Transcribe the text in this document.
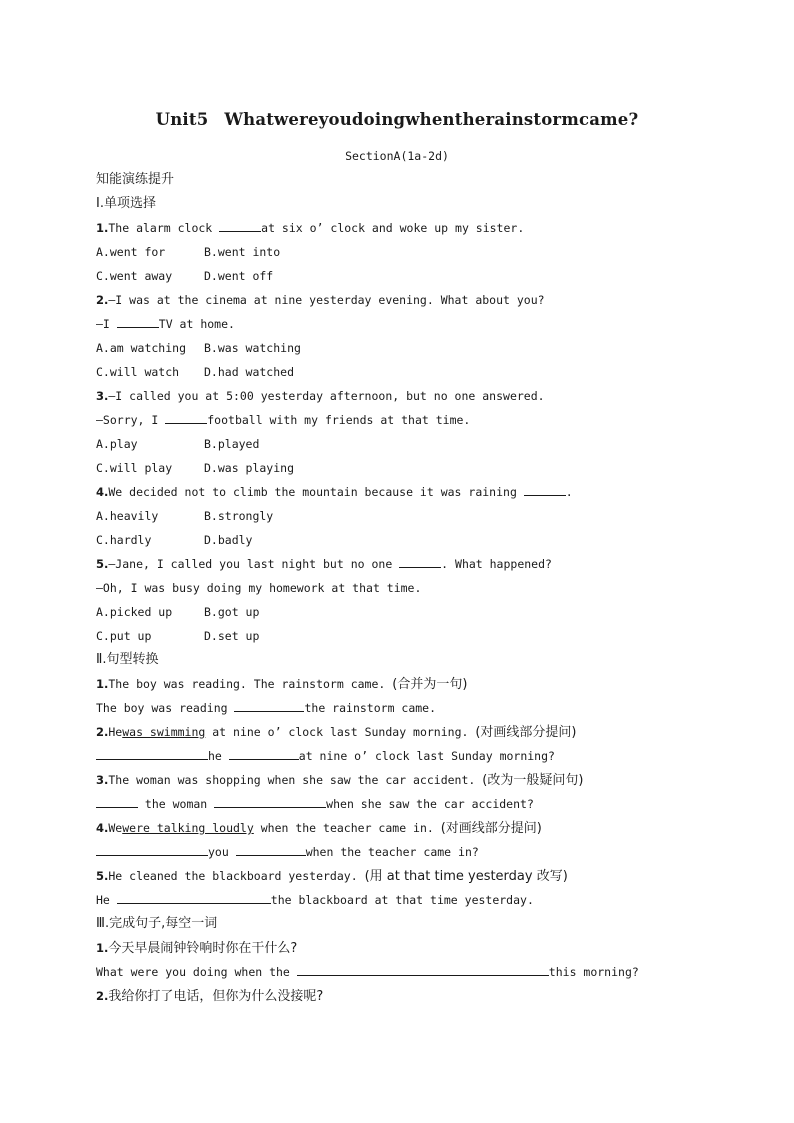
Unit5 Whatwereyoudoingwhentherainstormcame?
SectionA(1a-2d)
知能演练提升
Ⅰ.单项选择
1.The alarm clock	at six o’ clock and woke up my sister.
A.went for	B.went into
C.went away	D.went off
2.—I was at the cinema at nine yesterday evening. What about you?
—I	TV at home.
A.am watching B.was watching
C.will watch D.had watched
3.—I called you at 5:00 yesterday afternoon, but no one answered.
—Sorry, I	football with my friends at that time.
A.play	B.played
C.will play	D.was playing
4.We decided not to climb the mountain because it was raining	.
A.heavily	B.strongly
C.hardly	D.badly
5.—Jane, I called you last night but no one	. What happened?
—Oh, I was busy doing my homework at that time.
A.picked up	B.got up
C.put up	D.set up
Ⅱ.句型转换
1.The boy was reading. The rainstorm came. (合并为一句)
The boy was reading	the rainstorm came.
2.Hewas swimming at nine o’ clock last Sunday morning. (对画线部分提问)
he	at nine o’ clock last Sunday morning?
3.The woman was shopping when she saw the car accident. (改为一般疑问句)
the woman	when she saw the car accident?
4.Wewere talking loudly when the teacher came in. (对画线部分提问)
you	when the teacher came in?
5.He cleaned the blackboard yesterday. (用 at that time yesterday 改写)
He	the blackboard at that time yesterday.
Ⅲ.完成句子,每空一词
1.今天早晨闹钟铃响时你在干什么?
What were you doing when the	this morning?
2.我给你打了电话，但你为什么没接呢?
